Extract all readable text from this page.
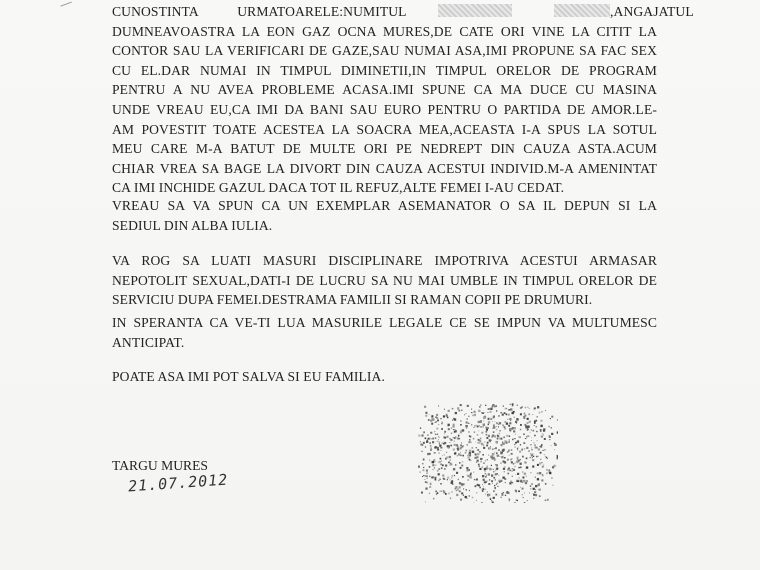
CUNOSTINTA	URMATOARELE:NUMITUL	,ANGAJATUL
DUMNEAVOASTRA LA EON GAZ OCNA MURES,DE CATE ORI VINE LA CITIT LA
CONTOR SAU LA VERIFICARI DE GAZE,SAU NUMAI ASA,IMI PROPUNE SA FAC SEX
CU EL.DAR NUMAI IN TIMPUL DIMINETII,IN TIMPUL ORELOR DE PROGRAM
PENTRU A NU AVEA PROBLEME ACASA.IMI SPUNE CA MA DUCE CU MASINA
UNDE VREAU EU,CA IMI DA BANI SAU EURO PENTRU O PARTIDA DE AMOR.LE-
AM POVESTIT TOATE ACESTEA LA SOACRA MEA,ACEASTA I-A SPUS LA SOTUL
MEU CARE M-A BATUT DE MULTE ORI PE NEDREPT DIN CAUZA ASTA.ACUM
CHIAR VREA SA BAGE LA DIVORT DIN CAUZA ACESTUI INDIVID.M-A AMENINTAT
CA IMI INCHIDE GAZUL DACA TOT IL REFUZ,ALTE FEMEI I-AU CEDAT.
VREAU SA VA SPUN CA UN EXEMPLAR ASEMANATOR O SA IL DEPUN SI LA
SEDIUL DIN ALBA IULIA.
VA ROG SA LUATI MASURI DISCIPLINARE IMPOTRIVA ACESTUI ARMASAR
NEPOTOLIT SEXUAL,DATI-I DE LUCRU SA NU MAI UMBLE IN TIMPUL ORELOR DE
SERVICIU DUPA FEMEI.DESTRAMA FAMILII SI RAMAN COPII PE DRUMURI.
IN SPERANTA CA VE-TI LUA MASURILE LEGALE CE SE IMPUN VA MULTUMESC
ANTICIPAT.
POATE ASA IMI POT SALVA SI EU FAMILIA.
TARGU MURES
21.07.2012
